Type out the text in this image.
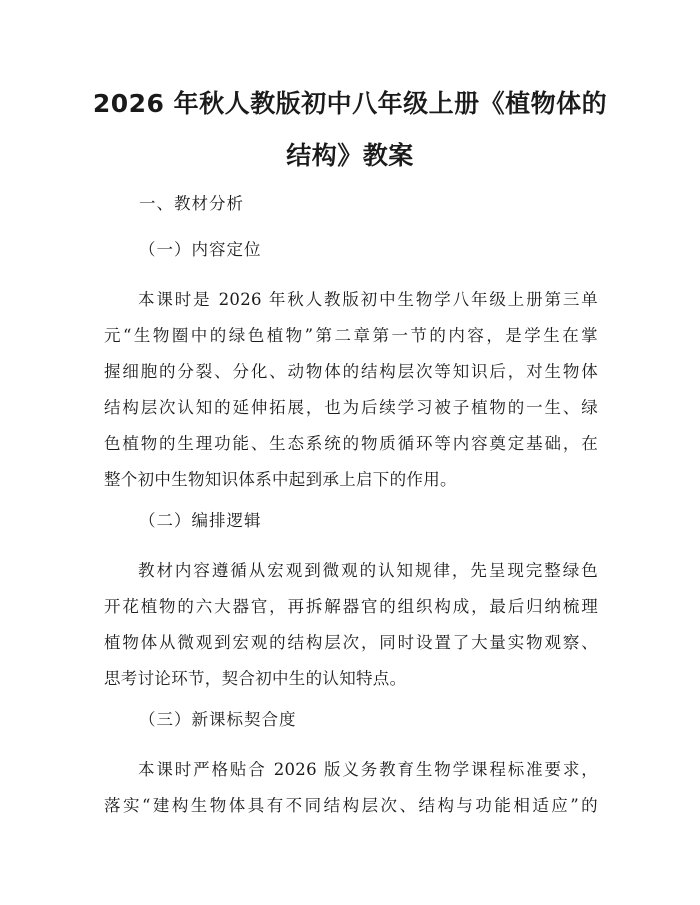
2026 年秋人教版初中八年级上册《植物体的
结构》教案

一、教材分析

（一）内容定位

本课时是 2026 年秋人教版初中生物学八年级上册第三单
元“生物圈中的绿色植物”第二章第一节的内容，是学生在掌
握细胞的分裂、分化、动物体的结构层次等知识后，对生物体
结构层次认知的延伸拓展，也为后续学习被子植物的一生、绿
色植物的生理功能、生态系统的物质循环等内容奠定基础，在
整个初中生物知识体系中起到承上启下的作用。

（二）编排逻辑

教材内容遵循从宏观到微观的认知规律，先呈现完整绿色
开花植物的六大器官，再拆解器官的组织构成，最后归纳梳理
植物体从微观到宏观的结构层次，同时设置了大量实物观察、
思考讨论环节，契合初中生的认知特点。

（三）新课标契合度

本课时严格贴合 2026 版义务教育生物学课程标准要求，
落实“建构生物体具有不同结构层次、结构与功能相适应”的
